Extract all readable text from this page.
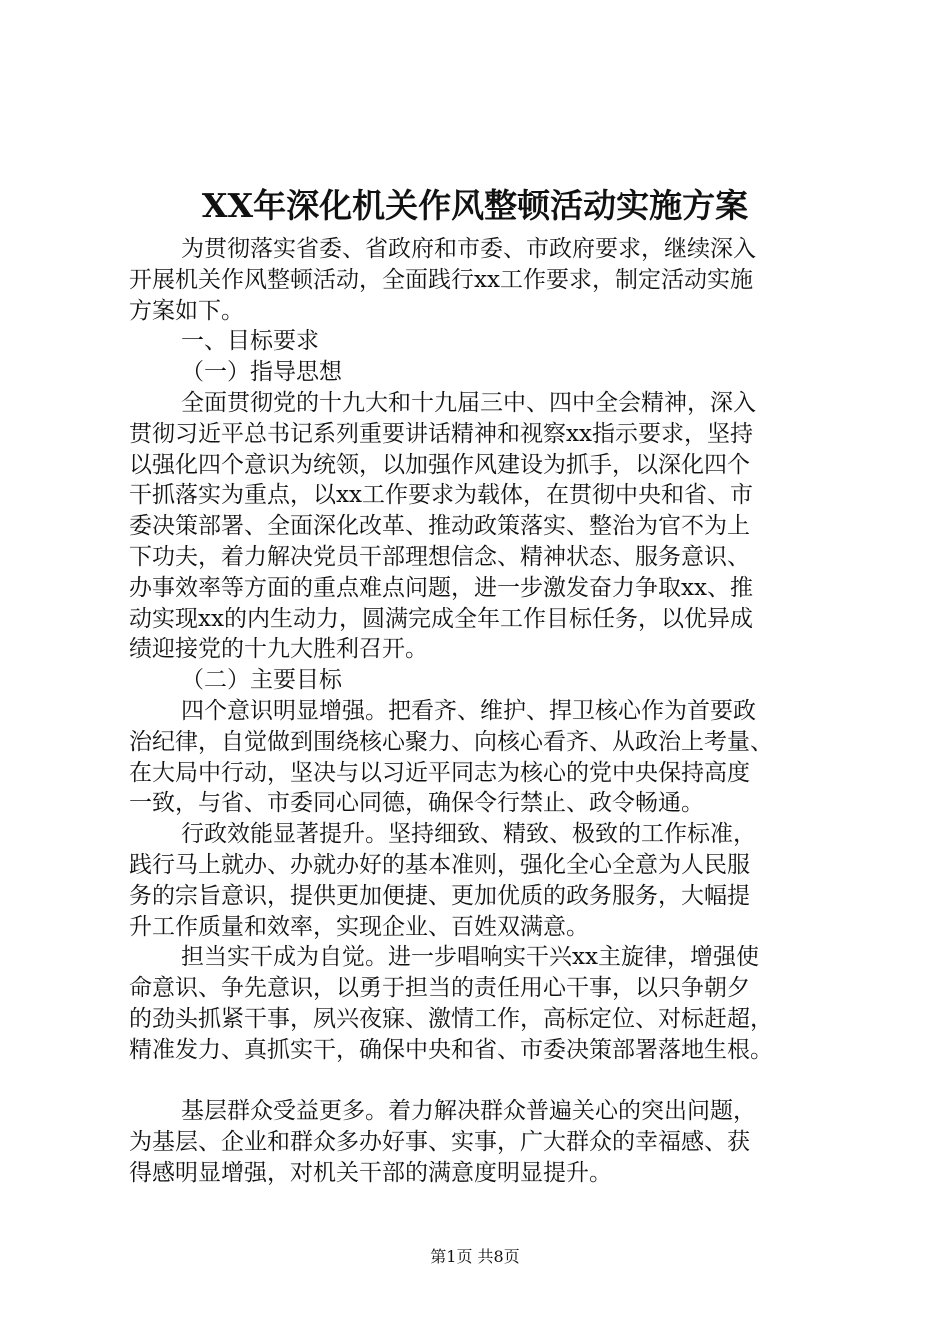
XX年深化机关作风整顿活动实施方案
为贯彻落实省委、省政府和市委、市政府要求，继续深入
开展机关作风整顿活动，全面践行xx工作要求，制定活动实施
方案如下。
一、目标要求
（一）指导思想
全面贯彻党的十九大和十九届三中、四中全会精神，深入
贯彻习近平总书记系列重要讲话精神和视察xx指示要求，坚持
以强化四个意识为统领，以加强作风建设为抓手，以深化四个
干抓落实为重点，以xx工作要求为载体，在贯彻中央和省、市
委决策部署、全面深化改革、推动政策落实、整治为官不为上
下功夫，着力解决党员干部理想信念、精神状态、服务意识、
办事效率等方面的重点难点问题，进一步激发奋力争取xx、推
动实现xx的内生动力，圆满完成全年工作目标任务，以优异成
绩迎接党的十九大胜利召开。
（二）主要目标
四个意识明显增强。把看齐、维护、捍卫核心作为首要政
治纪律，自觉做到围绕核心聚力、向核心看齐、从政治上考量、
在大局中行动，坚决与以习近平同志为核心的党中央保持高度
一致，与省、市委同心同德，确保令行禁止、政令畅通。
行政效能显著提升。坚持细致、精致、极致的工作标准，
践行马上就办、办就办好的基本准则，强化全心全意为人民服
务的宗旨意识，提供更加便捷、更加优质的政务服务，大幅提
升工作质量和效率，实现企业、百姓双满意。
担当实干成为自觉。进一步唱响实干兴xx主旋律，增强使
命意识、争先意识，以勇于担当的责任用心干事，以只争朝夕
的劲头抓紧干事，夙兴夜寐、激情工作，高标定位、对标赶超，
精准发力、真抓实干，确保中央和省、市委决策部署落地生根。
基层群众受益更多。着力解决群众普遍关心的突出问题，
为基层、企业和群众多办好事、实事，广大群众的幸福感、获
得感明显增强，对机关干部的满意度明显提升。
第1页 共8页
